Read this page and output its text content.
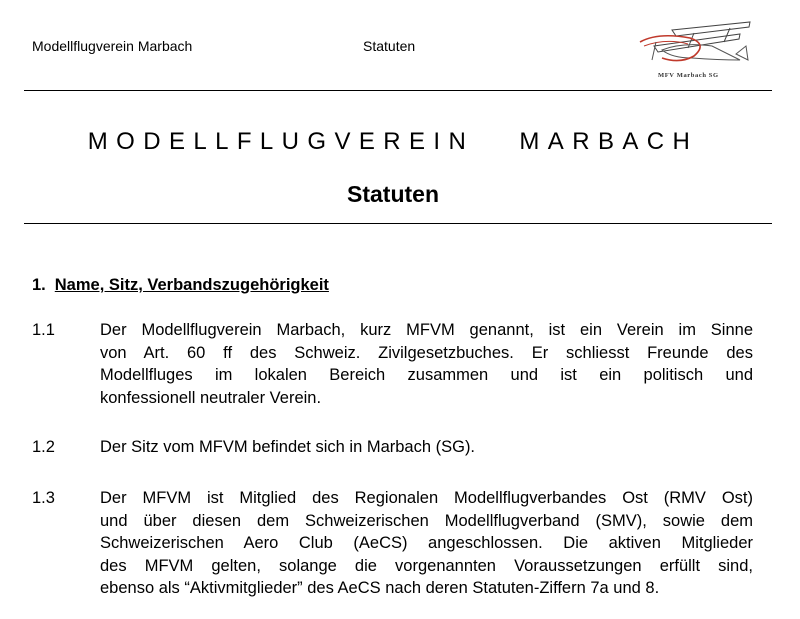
Modellflugverein Marbach	Statuten
MFV Marbach SG
MODELLFLUGVEREIN   MARBACH
Statuten
1. Name, Sitz, Verbandszugehörigkeit
1.1	Der Modellflugverein Marbach, kurz MFVM genannt, ist ein Verein im Sinne
von Art. 60 ff des Schweiz. Zivilgesetzbuches. Er schliesst Freunde des
Modellfluges im lokalen Bereich zusammen und ist ein politisch und
konfessionell neutraler Verein.
1.2	Der Sitz vom MFVM befindet sich in Marbach (SG).
1.3	Der MFVM ist Mitglied des Regionalen Modellflugverbandes Ost (RMV Ost)
und über diesen dem Schweizerischen Modellflugverband (SMV), sowie dem
Schweizerischen Aero Club (AeCS) angeschlossen. Die aktiven Mitglieder
des MFVM gelten, solange die vorgenannten Voraussetzungen erfüllt sind,
ebenso als “Aktivmitglieder” des AeCS nach deren Statuten-Ziffern 7a und 8.
